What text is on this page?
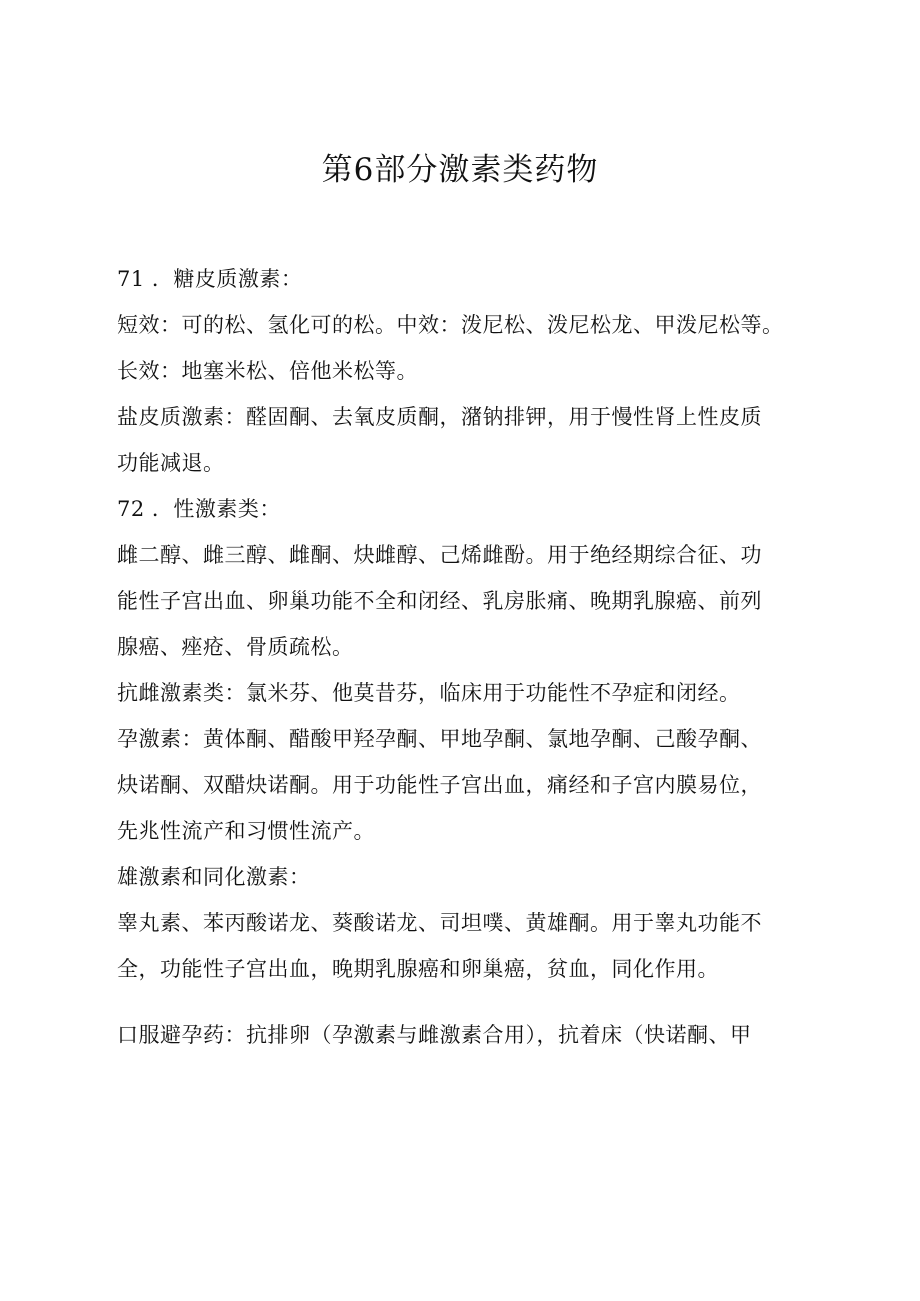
第6部分激素类药物
71 ．糖皮质激素：
短效：可的松、氢化可的松。中效：泼尼松、泼尼松龙、甲泼尼松等。
长效：地塞米松、倍他米松等。
盐皮质激素：醛固酮、去氧皮质酮，潴钠排钾，用于慢性肾上性皮质
功能减退。
72 ．性激素类：
雌二醇、雌三醇、雌酮、炔雌醇、己烯雌酚。用于绝经期综合征、功
能性子宫出血、卵巢功能不全和闭经、乳房胀痛、晚期乳腺癌、前列
腺癌、痤疮、骨质疏松。
抗雌激素类：氯米芬、他莫昔芬，临床用于功能性不孕症和闭经。
孕激素：黄体酮、醋酸甲羟孕酮、甲地孕酮、氯地孕酮、己酸孕酮、
炔诺酮、双醋炔诺酮。用于功能性子宫出血，痛经和子宫内膜易位，
先兆性流产和习惯性流产。
雄激素和同化激素：
睾丸素、苯丙酸诺龙、葵酸诺龙、司坦噗、黄雄酮。用于睾丸功能不
全，功能性子宫出血，晚期乳腺癌和卵巢癌，贫血，同化作用。
口服避孕药：抗排卵（孕激素与雌激素合用），抗着床（快诺酮、甲
